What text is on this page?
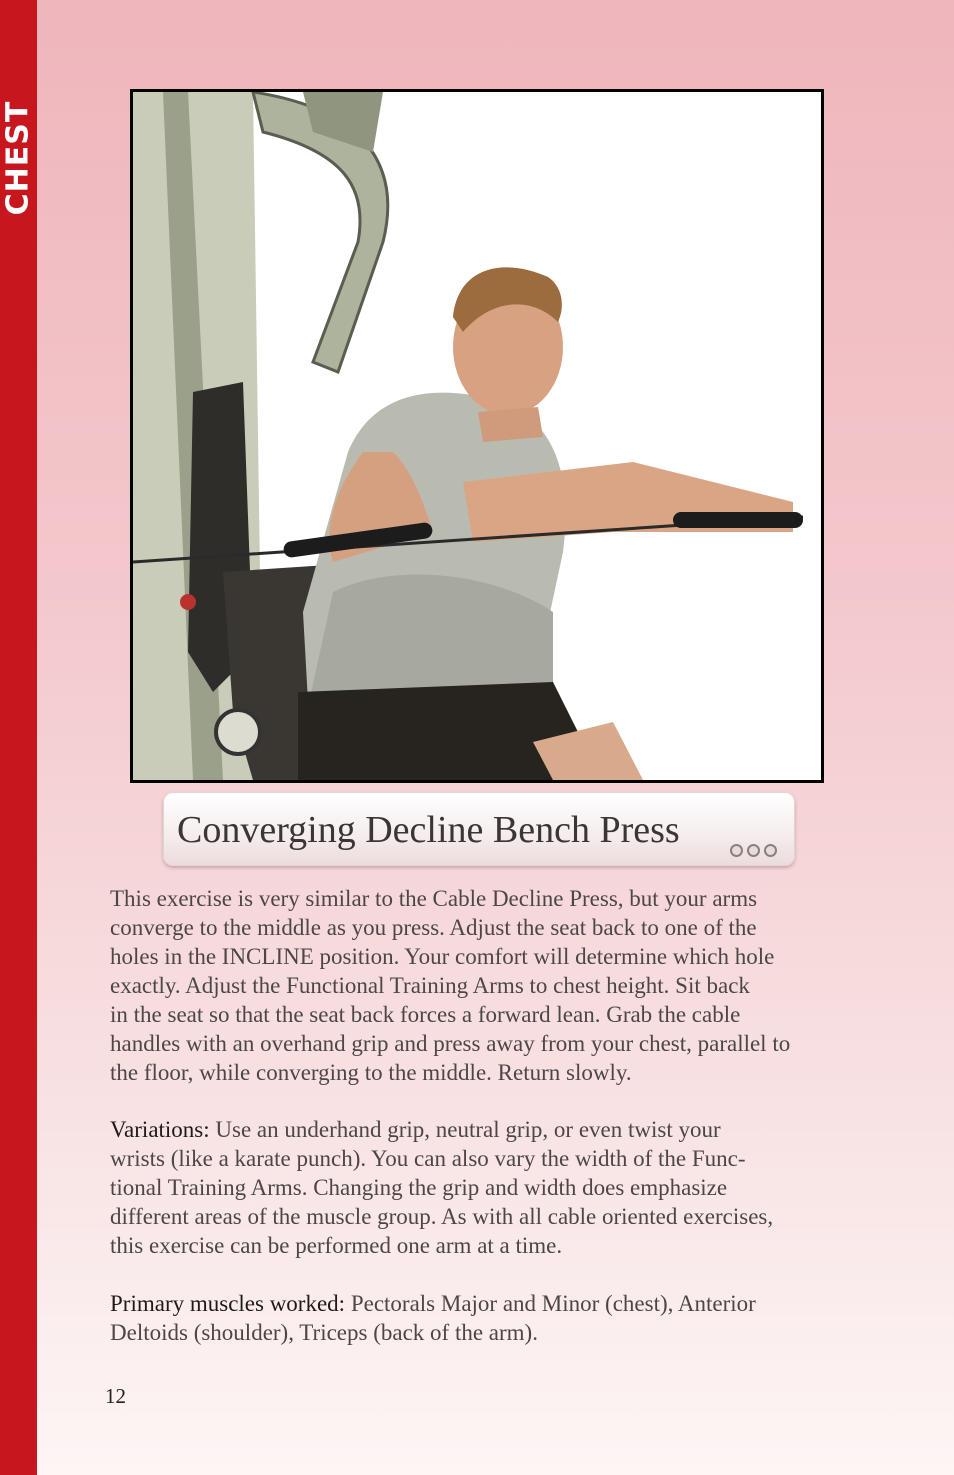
CHEST
Converging Decline Bench Press

This exercise is very similar to the Cable Decline Press, but your arms
converge to the middle as you press. Adjust the seat back to one of the
holes in the INCLINE position. Your comfort will determine which hole
exactly. Adjust the Functional Training Arms to chest height. Sit back
in the seat so that the seat back forces a forward lean. Grab the cable
handles with an overhand grip and press away from your chest, parallel to
the floor, while converging to the middle. Return slowly.

Variations: Use an underhand grip, neutral grip, or even twist your
wrists (like a karate punch). You can also vary the width of the Func-
tional Training Arms. Changing the grip and width does emphasize
different areas of the muscle group. As with all cable oriented exercises,
this exercise can be performed one arm at a time.

Primary muscles worked: Pectorals Major and Minor (chest), Anterior
Deltoids (shoulder), Triceps (back of the arm).

12
